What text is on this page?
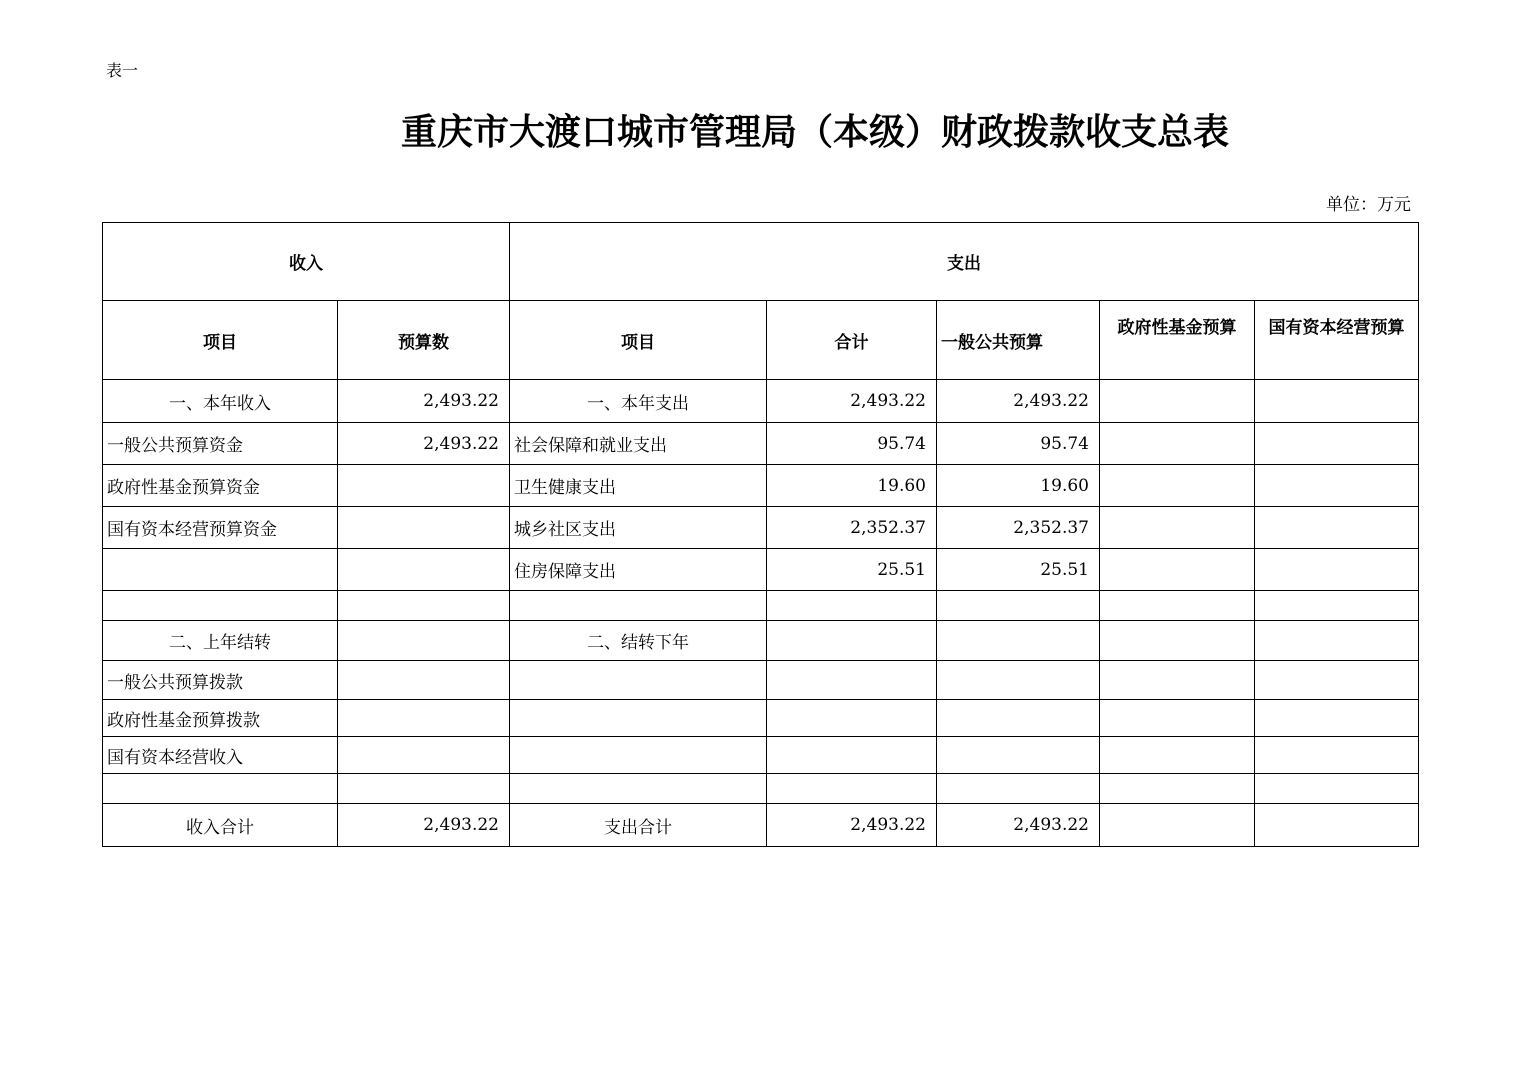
表一
重庆市大渡口城市管理局（本级）财政拨款收支总表
单位：万元
收入		支出				
项目	预算数	项目	合计	一般公共预算	政府性基金预算	国有资本经营预算
一、本年收入	2,493.22	一、本年支出	2,493.22	2,493.22		
一般公共预算资金	2,493.22	社会保障和就业支出	95.74	95.74		
政府性基金预算资金		卫生健康支出	19.60	19.60		
国有资本经营预算资金		城乡社区支出	2,352.37	2,352.37		
		住房保障支出	25.51	25.51		

二、上年结转		二、结转下年				
一般公共预算拨款						
政府性基金预算拨款						
国有资本经营收入						

收入合计	2,493.22	支出合计	2,493.22	2,493.22		
